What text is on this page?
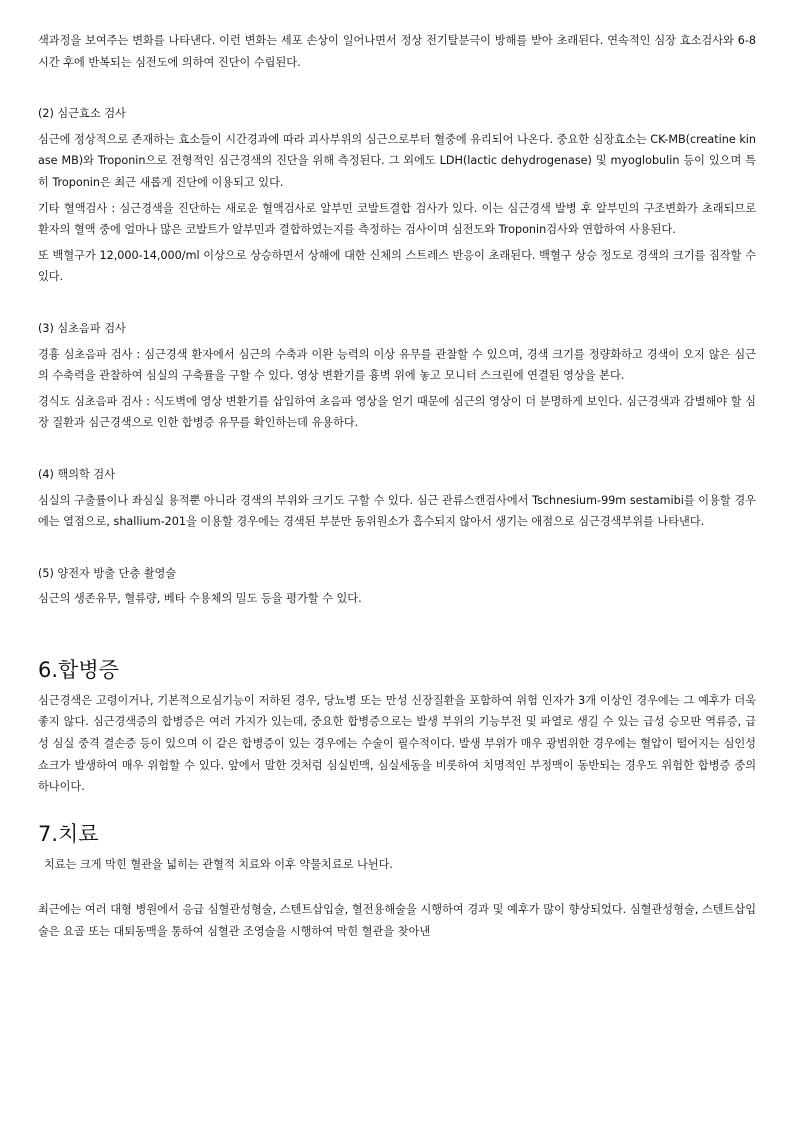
색과정을 보여주는 변화를 나타낸다. 이런 변화는 세포 손상이 일어나면서 정상 전기탈분극이 방해를 받아 초래된다. 연속적인 심장 효소검사와 6-8시간 후에 반복되는 심전도에 의하여 진단이 수립된다.

(2) 심근효소 검사

심근에 정상적으로 존재하는 효소들이 시간경과에 따라 괴사부위의 심근으로부터 혈중에 유리되어 나온다. 중요한 심장효소는 CK-MB(creatine kinase MB)와 Troponin으로 전형적인 심근경색의 진단을 위해 측정된다. 그 외에도 LDH(lactic dehydrogenase) 및 myoglobulin 등이 있으며 특히 Troponin은 최근 새롭게 진단에 이용되고 있다.

기타 혈액검사 : 심근경색을 진단하는 새로운 혈액검사로 알부민 코발트결합 검사가 있다. 이는 심근경색 발병 후 알부민의 구조변화가 초래되므로 환자의 혈액 중에 얼마나 많은 코발트가 알부민과 결합하였는지를 측정하는 검사이며 심전도와 Troponin검사와 연합하여 사용된다.

또 백혈구가 12,000-14,000/ml 이상으로 상승하면서 상해에 대한 신체의 스트레스 반응이 초래된다. 백혈구 상승 정도로 경색의 크기를 짐작할 수 있다.

(3) 심초음파 검사

경흉 심초음파 검사 : 심근경색 환자에서 심근의 수축과 이완 능력의 이상 유무를 관찰할 수 있으며, 경색 크기를 정량화하고 경색이 오지 않은 심근의 수축력을 관찰하여 심실의 구축률을 구할 수 있다. 영상 변환기를 흉벽 위에 놓고 모니터 스크린에 연결된 영상을 본다.

경식도 심초음파 검사 : 식도벽에 영상 변환기를 삽입하여 초음파 영상을 얻기 때문에 심근의 영상이 더 분명하게 보인다. 심근경색과 감별해야 할 심장 질환과 심근경색으로 인한 합병증 유무를 확인하는데 유용하다.

(4) 핵의학 검사

심실의 구출률이나 좌심실 용적뿐 아니라 경색의 부위와 크기도 구할 수 있다. 심근 관류스캔검사에서 Tschnesium-99m sestamibi를 이용할 경우에는 열점으로, shallium-201을 이용할 경우에는 경색된 부분만 동위원소가 흡수되지 않아서 생기는 애점으로 심근경색부위를 나타낸다.

(5) 양전자 방출 단층 촬영술

심근의 생존유무, 혈류량, 베타 수용체의 밀도 등을 평가할 수 있다.

6.합병증

심근경색은 고령이거나, 기본적으로심기능이 저하된 경우, 당뇨병 또는 만성 신장질환을 포함하여 위험 인자가 3개 이상인 경우에는 그 예후가 더욱 좋지 않다. 심근경색증의 합병증은 여러 가지가 있는데, 중요한 합병증으로는 발생 부위의 기능부전 및 파열로 생길 수 있는 급성 승모판 역류증, 급성 심실 중격 결손증 등이 있으며 이 같은 합병증이 있는 경우에는 수술이 필수적이다. 발생 부위가 매우 광범위한 경우에는 혈압이 떨어지는 심인성 쇼크가 발생하여 매우 위험할 수 있다. 앞에서 말한 것처럼 심실빈맥, 심실세동을 비롯하여 치명적인 부정맥이 동반되는 경우도 위험한 합병증 중의 하나이다.

7.치료

치료는 크게 막힌 혈관을 넓히는 관혈적 치료와 이후 약물치료로 나뉜다.

최근에는 여러 대형 병원에서 응급 심혈관성형술, 스텐트삽입술, 혈전용해술을 시행하여 경과 및 예후가 많이 향상되었다. 심혈관성형술, 스텐트삽입술은 요골 또는 대퇴동맥을 통하여 심혈관 조영술을 시행하여 막힌 혈관을 찾아낸
